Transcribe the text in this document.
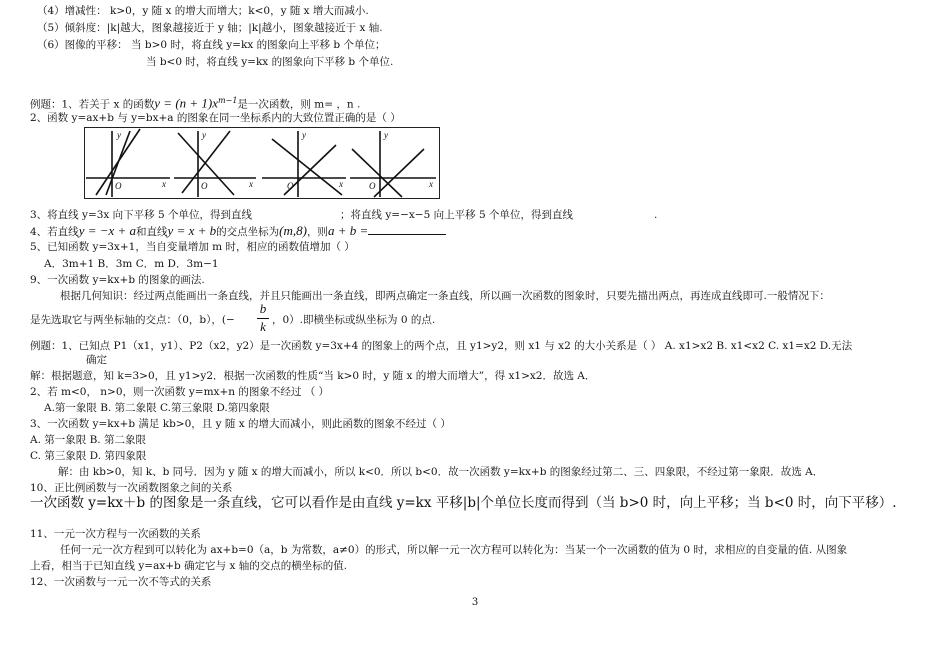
（4）增减性： k>0，y 随 x 的增大而增大；k<0，y 随 x 增大而减小.
（5）倾斜度：|k|越大，图象越接近于 y 轴；|k|越小，图象越接近于 x 轴.
（6）图像的平移： 当 b>0 时，将直线 y=kx 的图象向上平移 b 个单位；
当 b<0 时，将直线 y=kx 的图象向下平移 b 个单位.
例题：1、若关于 x 的函数$y = (n + 1)x^{m-1}$是一次函数，则 m= ，n .
2、函数 y=ax+b 与 y=bx+a 的图象在同一坐标系内的大致位置正确的是（ ）
y
x
O
y
x
O
y
x
O
y
x
O
3、将直线 y=3x 向下平移 5 个单位，得到直线	；将直线 y=−x−5 向上平移 5 个单位，得到直线	.
4、若直线y = −x + a和直线y = x + b的交点坐标为(m,8)，则a + b =
5、已知函数 y=3x+1，当自变量增加 m 时，相应的函数值增加（ ）
A．3m+1 B．3m C．m D．3m−1
9、一次函数 y=kx+b 的图象的画法.
根据几何知识：经过两点能画出一条直线，并且只能画出一条直线，即两点确定一条直线，所以画一次函数的图象时，只要先描出两点，再连成直线即可.一般情况下：
是先选取它与两坐标轴的交点：（0，b），(−
b
k ，0）.即横坐标或纵坐标为 0 的点.
例题：1、已知点 P1（x1，y1）、P2（x2，y2）是一次函数 y=3x+4 的图象上的两个点，且 y1>y2，则 x1 与 x2 的大小关系是（ ） A. x1>x2 B. x1<x2 C. x1=x2 D.无法
确定
解：根据题意，知 k=3>0，且 y1>y2．根据一次函数的性质“当 k>0 时，y 随 x 的增大而增大”，得 x1>x2．故选 A．
2、若 m<0， n>0，则一次函数 y=mx+n 的图象不经过 （ ）
A.第一象限 B. 第二象限 C.第三象限 D.第四象限
3、一次函数 y=kx+b 满足 kb>0，且 y 随 x 的增大而减小，则此函数的图象不经过（ ）
A. 第一象限 B. 第二象限
C. 第三象限 D. 第四象限
解：由 kb>0，知 k、b 同号．因为 y 随 x 的增大而减小，所以 k<0．所以 b<0．故一次函数 y=kx+b 的图象经过第二、三、四象限，不经过第一象限．故选 A．
10、正比例函数与一次函数图象之间的关系
一次函数 y=kx＋b 的图象是一条直线，它可以看作是由直线 y=kx 平移|b|个单位长度而得到（当 b>0 时，向上平移；当 b<0 时，向下平移）.
11、一元一次方程与一次函数的关系
任何一元一次方程到可以转化为 ax+b=0（a，b 为常数，a≠0）的形式，所以解一元一次方程可以转化为：当某一个一次函数的值为 0 时，求相应的自变量的值. 从图象
上看，相当于已知直线 y=ax+b 确定它与 x 轴的交点的横坐标的值.
12、一次函数与一元一次不等式的关系
3
